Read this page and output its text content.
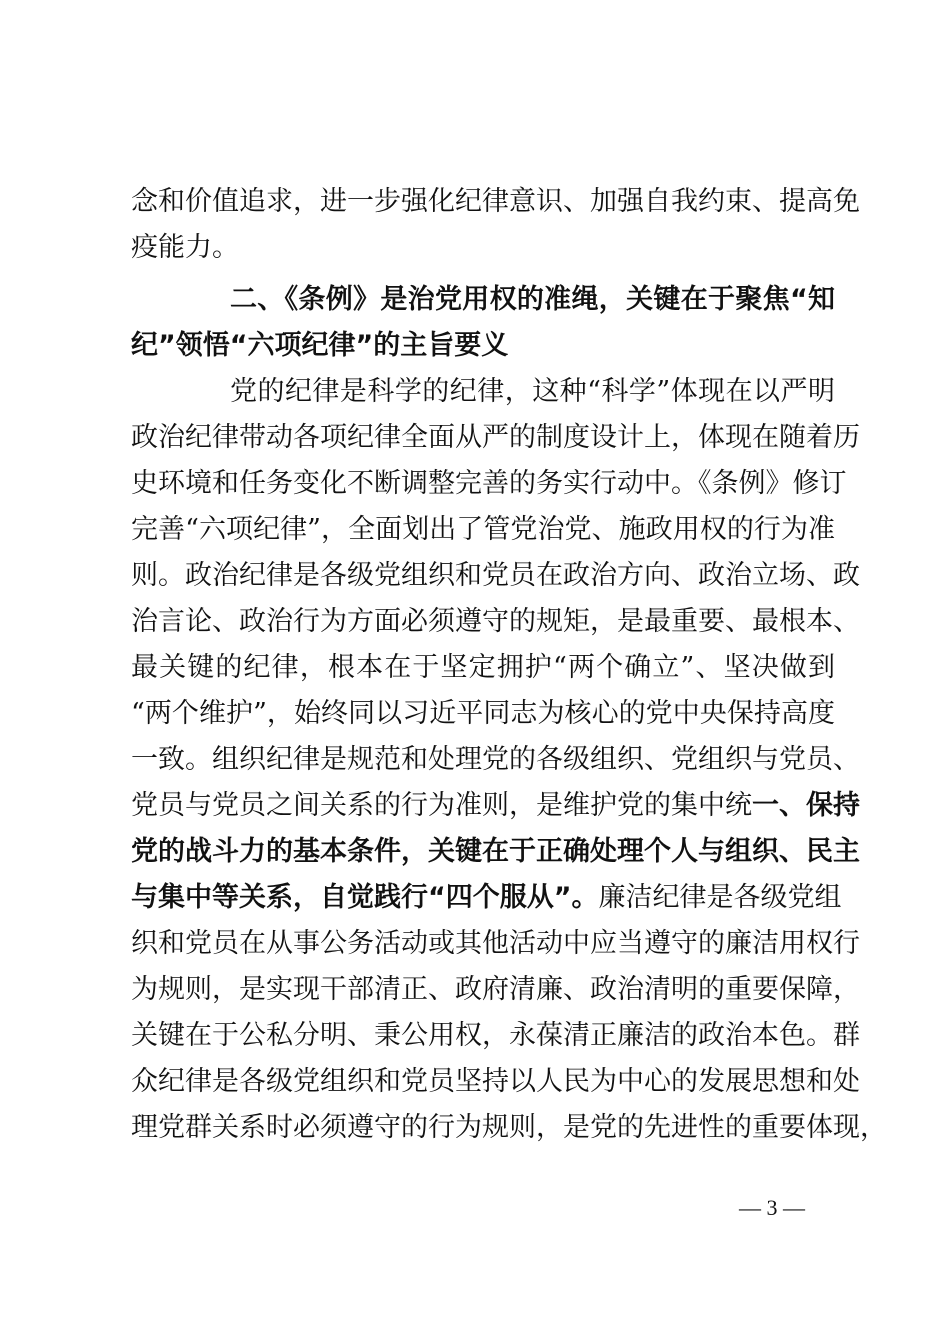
念和价值追求，进一步强化纪律意识、加强自我约束、提高免
疫能力。
二、《条例》是治党用权的准绳，关键在于聚焦“知
纪”领悟“六项纪律”的主旨要义
党的纪律是科学的纪律，这种“科学”体现在以严明
政治纪律带动各项纪律全面从严的制度设计上，体现在随着历
史环境和任务变化不断调整完善的务实行动中。《条例》修订
完善“六项纪律”，全面划出了管党治党、施政用权的行为准
则。政治纪律是各级党组织和党员在政治方向、政治立场、政
治言论、政治行为方面必须遵守的规矩，是最重要、最根本、
最关键的纪律，根本在于坚定拥护“两个确立”、坚决做到
“两个维护”，始终同以习近平同志为核心的党中央保持高度
一致。组织纪律是规范和处理党的各级组织、党组织与党员、
党员与党员之间关系的行为准则，是维护党的集中统一、保持
党的战斗力的基本条件，关键在于正确处理个人与组织、民主
与集中等关系，自觉践行“四个服从”。廉洁纪律是各级党组
织和党员在从事公务活动或其他活动中应当遵守的廉洁用权行
为规则，是实现干部清正、政府清廉、政治清明的重要保障，
关键在于公私分明、秉公用权，永葆清正廉洁的政治本色。群
众纪律是各级党组织和党员坚持以人民为中心的发展思想和处
理党群关系时必须遵守的行为规则，是党的先进性的重要体现，
— 3 —
